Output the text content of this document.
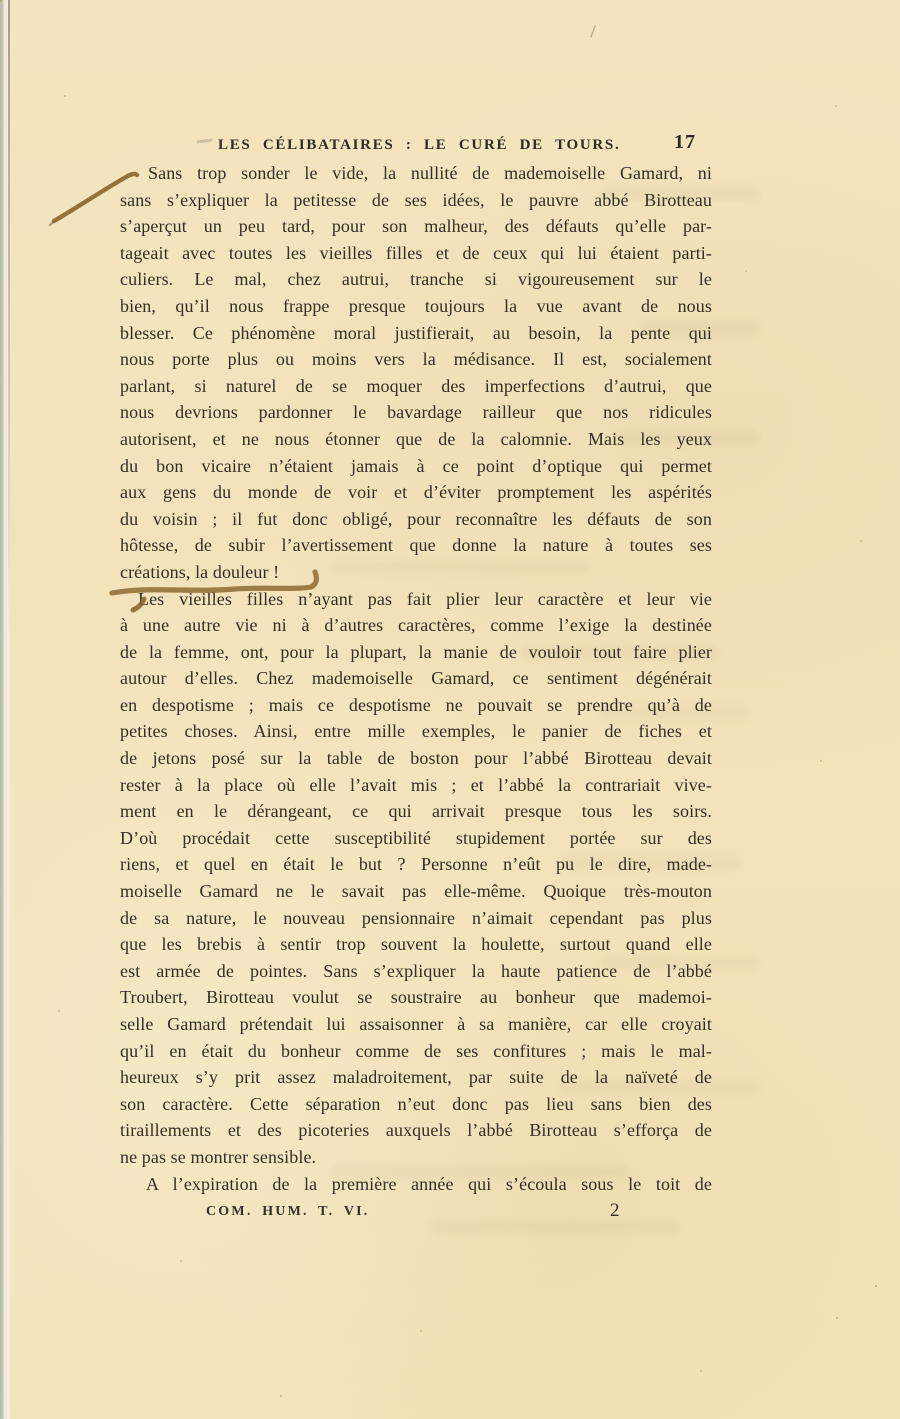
LES CÉLIBATAIRES : LE CURÉ DE TOURS.	17
Sans trop sonder le vide, la nullité de mademoiselle Gamard, ni
sans s’expliquer la petitesse de ses idées, le pauvre abbé Birotteau
s’aperçut un peu tard, pour son malheur, des défauts qu’elle par-
tageait avec toutes les vieilles filles et de ceux qui lui étaient parti-
culiers. Le mal, chez autrui, tranche si vigoureusement sur le
bien, qu’il nous frappe presque toujours la vue avant de nous
blesser. Ce phénomène moral justifierait, au besoin, la pente qui
nous porte plus ou moins vers la médisance. Il est, socialement
parlant, si naturel de se moquer des imperfections d’autrui, que
nous devrions pardonner le bavardage railleur que nos ridicules
autorisent, et ne nous étonner que de la calomnie. Mais les yeux
du bon vicaire n’étaient jamais à ce point d’optique qui permet
aux gens du monde de voir et d’éviter promptement les aspérités
du voisin ; il fut donc obligé, pour reconnaître les défauts de son
hôtesse, de subir l’avertissement que donne la nature à toutes ses
créations, la douleur !
Les vieilles filles n’ayant pas fait plier leur caractère et leur vie
à une autre vie ni à d’autres caractères, comme l’exige la destinée
de la femme, ont, pour la plupart, la manie de vouloir tout faire plier
autour d’elles. Chez mademoiselle Gamard, ce sentiment dégénérait
en despotisme ; mais ce despotisme ne pouvait se prendre qu’à de
petites choses. Ainsi, entre mille exemples, le panier de fiches et
de jetons posé sur la table de boston pour l’abbé Birotteau devait
rester à la place où elle l’avait mis ; et l’abbé la contrariait vive-
ment en le dérangeant, ce qui arrivait presque tous les soirs.
D’où procédait cette susceptibilité stupidement portée sur des
riens, et quel en était le but ? Personne n’eût pu le dire, made-
moiselle Gamard ne le savait pas elle-même. Quoique très-mouton
de sa nature, le nouveau pensionnaire n’aimait cependant pas plus
que les brebis à sentir trop souvent la houlette, surtout quand elle
est armée de pointes. Sans s’expliquer la haute patience de l’abbé
Troubert, Birotteau voulut se soustraire au bonheur que mademoi-
selle Gamard prétendait lui assaisonner à sa manière, car elle croyait
qu’il en était du bonheur comme de ses confitures ; mais le mal-
heureux s’y prit assez maladroitement, par suite de la naïveté de
son caractère. Cette séparation n’eut donc pas lieu sans bien des
tiraillements et des picoteries auxquels l’abbé Birotteau s’efforça de
ne pas se montrer sensible.
A l’expiration de la première année qui s’écoula sous le toit de
COM. HUM. T. VI.	2
